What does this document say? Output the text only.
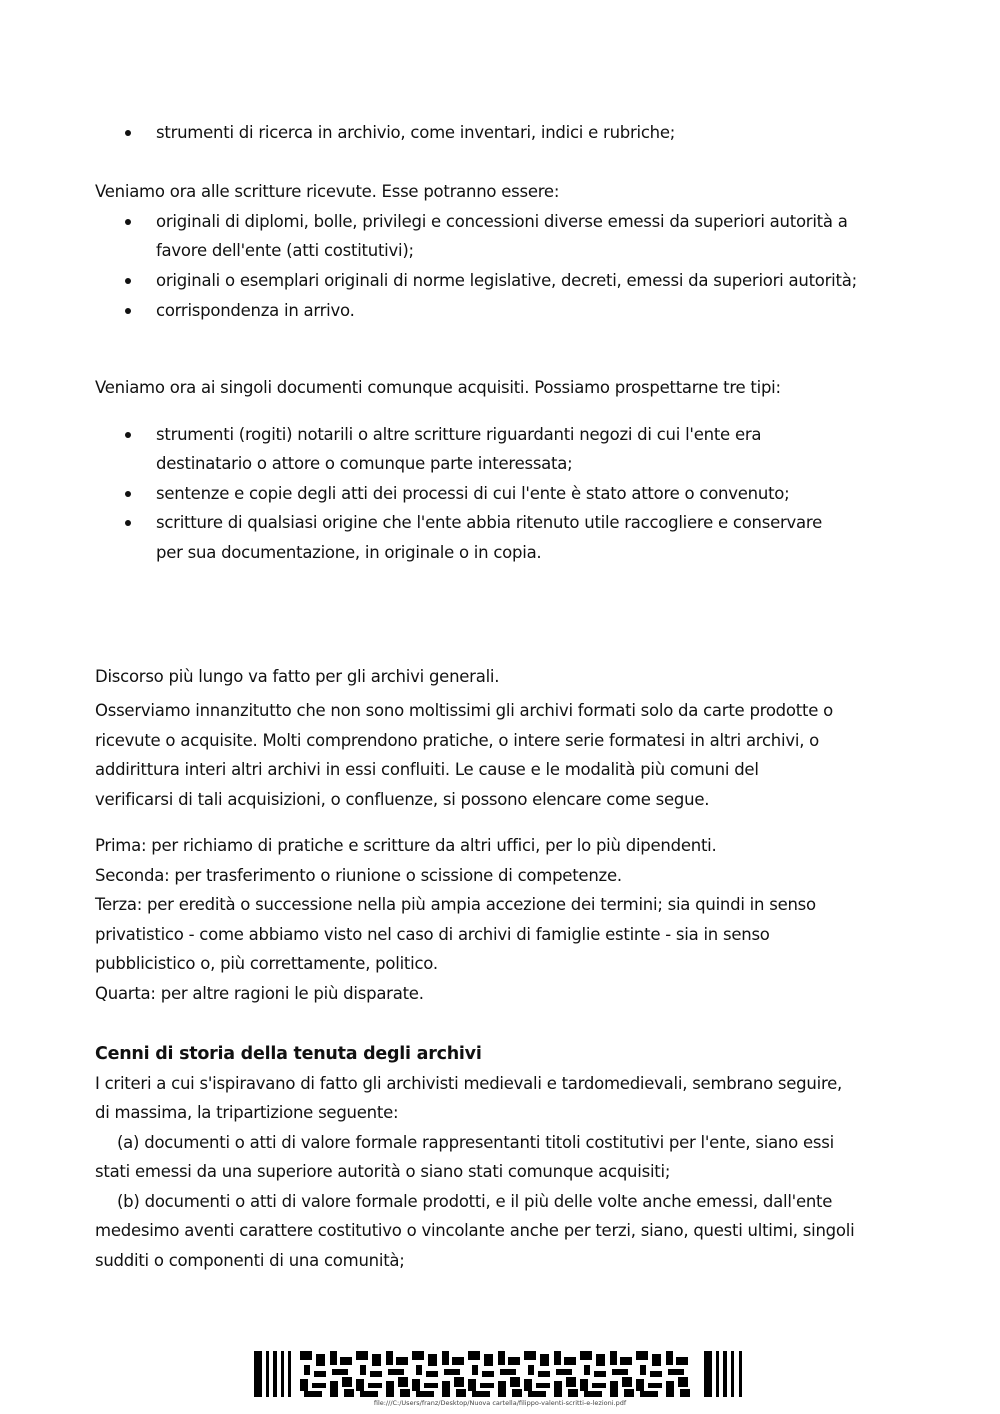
strumenti di ricerca in archivio, come inventari, indici e rubriche;

Veniamo ora alle scritture ricevute. Esse potranno essere:

originali di diplomi, bolle, privilegi e concessioni diverse emessi da superiori autorità a

favore dell'ente (atti costitutivi);

originali o esemplari originali di norme legislative, decreti, emessi da superiori autorità;

corrispondenza in arrivo.

Veniamo ora ai singoli documenti comunque acquisiti. Possiamo prospettarne tre tipi:

strumenti (rogiti) notarili o altre scritture riguardanti negozi di cui l'ente era

destinatario o attore o comunque parte interessata;

sentenze e copie degli atti dei processi di cui l'ente è stato attore o convenuto;

scritture di qualsiasi origine che l'ente abbia ritenuto utile raccogliere e conservare

per sua documentazione, in originale o in copia.

Discorso più lungo va fatto per gli archivi generali.

Osserviamo innanzitutto che non sono moltissimi gli archivi formati solo da carte prodotte o

ricevute o acquisite. Molti comprendono pratiche, o intere serie formatesi in altri archivi, o

addirittura interi altri archivi in essi confluiti. Le cause e le modalità più comuni del

verificarsi di tali acquisizioni, o confluenze, si possono elencare come segue.

Prima: per richiamo di pratiche e scritture da altri uffici, per lo più dipendenti.

Seconda: per trasferimento o riunione o scissione di competenze.

Terza: per eredità o successione nella più ampia accezione dei termini; sia quindi in senso

privatistico - come abbiamo visto nel caso di archivi di famiglie estinte - sia in senso

pubblicistico o, più correttamente, politico.

Quarta: per altre ragioni le più disparate.

Cenni di storia della tenuta degli archivi

I criteri a cui s'ispiravano di fatto gli archivisti medievali e tardomedievali, sembrano seguire,

di massima, la tripartizione seguente:

(a) documenti o atti di valore formale rappresentanti titoli costitutivi per l'ente, siano essi

stati emessi da una superiore autorità o siano stati comunque acquisiti;

(b) documenti o atti di valore formale prodotti, e il più delle volte anche emessi, dall'ente

medesimo aventi carattere costitutivo o vincolante anche per terzi, siano, questi ultimi, singoli

sudditi o componenti di una comunità;

file:///C:/Users/franz/Desktop/Nuova cartella/filippo-valenti-scritti-e-lezioni.pdf
